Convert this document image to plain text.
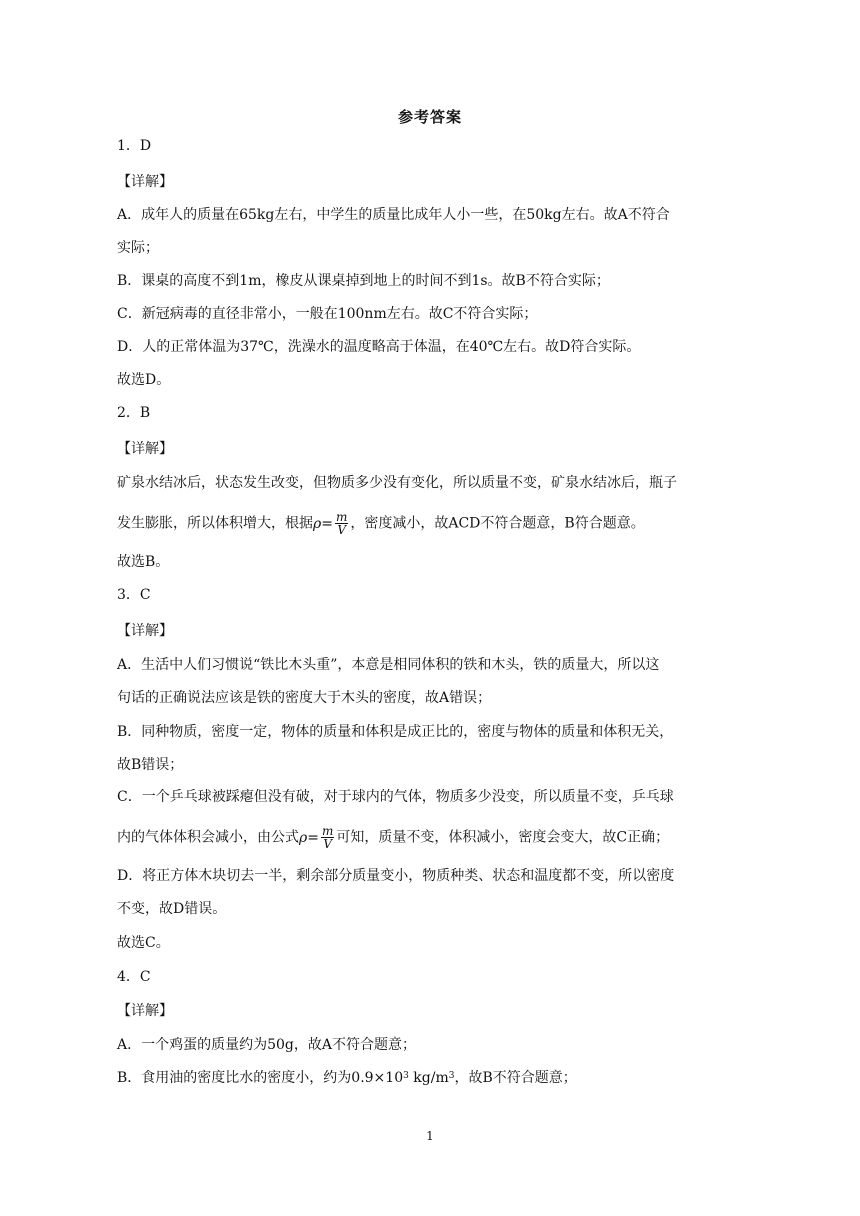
参考答案
1．D
【详解】
A．成年人的质量在65kg左右，中学生的质量比成年人小一些，在50kg左右。故A不符合
实际；
B．课桌的高度不到1m，橡皮从课桌掉到地上的时间不到1s。故B不符合实际；
C．新冠病毒的直径非常小，一般在100nm左右。故C不符合实际；
D．人的正常体温为37℃，洗澡水的温度略高于体温，在40℃左右。故D符合实际。
故选D。
2．B
【详解】
矿泉水结冰后，状态发生改变，但物质多少没有变化，所以质量不变，矿泉水结冰后，瓶子
发生膨胀，所以体积增大，根据$\rho= \frac{m}{V}$ ，密度减小，故ACD不符合题意，B符合题意。
故选B。
3．C
【详解】
A．生活中人们习惯说“铁比木头重”，本意是相同体积的铁和木头，铁的质量大，所以这
句话的正确说法应该是铁的密度大于木头的密度，故A错误；
B．同种物质，密度一定，物体的质量和体积是成正比的，密度与物体的质量和体积无关，
故B错误；
C．一个乒乓球被踩瘪但没有破，对于球内的气体，物质多少没变，所以质量不变，乒乓球
内的气体体积会减小，由公式$\rho= \frac{m}{V}$ 可知，质量不变，体积减小，密度会变大，故C正确；
D．将正方体木块切去一半，剩余部分质量变小，物质种类、状态和温度都不变，所以密度
不变，故D错误。
故选C。
4．C
【详解】
A．一个鸡蛋的质量约为50g，故A不符合题意；
B．食用油的密度比水的密度小，约为$0.9\times 10^3$ $kg/m^3$，故B不符合题意；
1
